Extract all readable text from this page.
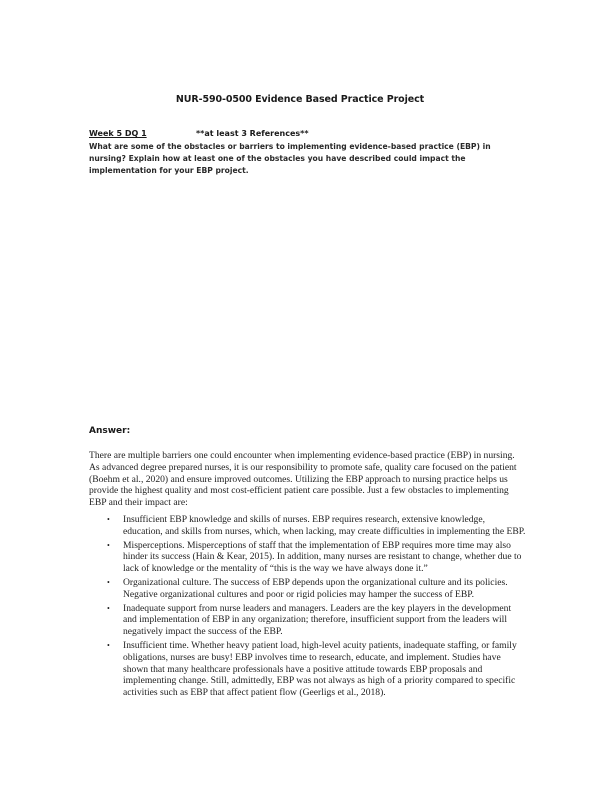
NUR-590-0500 Evidence Based Practice Project
Week 5 DQ 1	**at least 3 References**
What are some of the obstacles or barriers to implementing evidence-based practice (EBP) in nursing? Explain how at least one of the obstacles you have described could impact the implementation for your EBP project.
Answer:
There are multiple barriers one could encounter when implementing evidence-based practice (EBP) in nursing. As advanced degree prepared nurses, it is our responsibility to promote safe, quality care focused on the patient (Boehm et al., 2020) and ensure improved outcomes. Utilizing the EBP approach to nursing practice helps us provide the highest quality and most cost-efficient patient care possible. Just a few obstacles to implementing EBP and their impact are:
• Insufficient EBP knowledge and skills of nurses. EBP requires research, extensive knowledge, education, and skills from nurses, which, when lacking, may create difficulties in implementing the EBP.
• Misperceptions. Misperceptions of staff that the implementation of EBP requires more time may also hinder its success (Hain & Kear, 2015). In addition, many nurses are resistant to change, whether due to lack of knowledge or the mentality of “this is the way we have always done it.”
• Organizational culture. The success of EBP depends upon the organizational culture and its policies. Negative organizational cultures and poor or rigid policies may hamper the success of EBP.
• Inadequate support from nurse leaders and managers. Leaders are the key players in the development and implementation of EBP in any organization; therefore, insufficient support from the leaders will negatively impact the success of the EBP.
• Insufficient time. Whether heavy patient load, high-level acuity patients, inadequate staffing, or family obligations, nurses are busy! EBP involves time to research, educate, and implement. Studies have shown that many healthcare professionals have a positive attitude towards EBP proposals and implementing change. Still, admittedly, EBP was not always as high of a priority compared to specific activities such as EBP that affect patient flow (Geerligs et al., 2018).
